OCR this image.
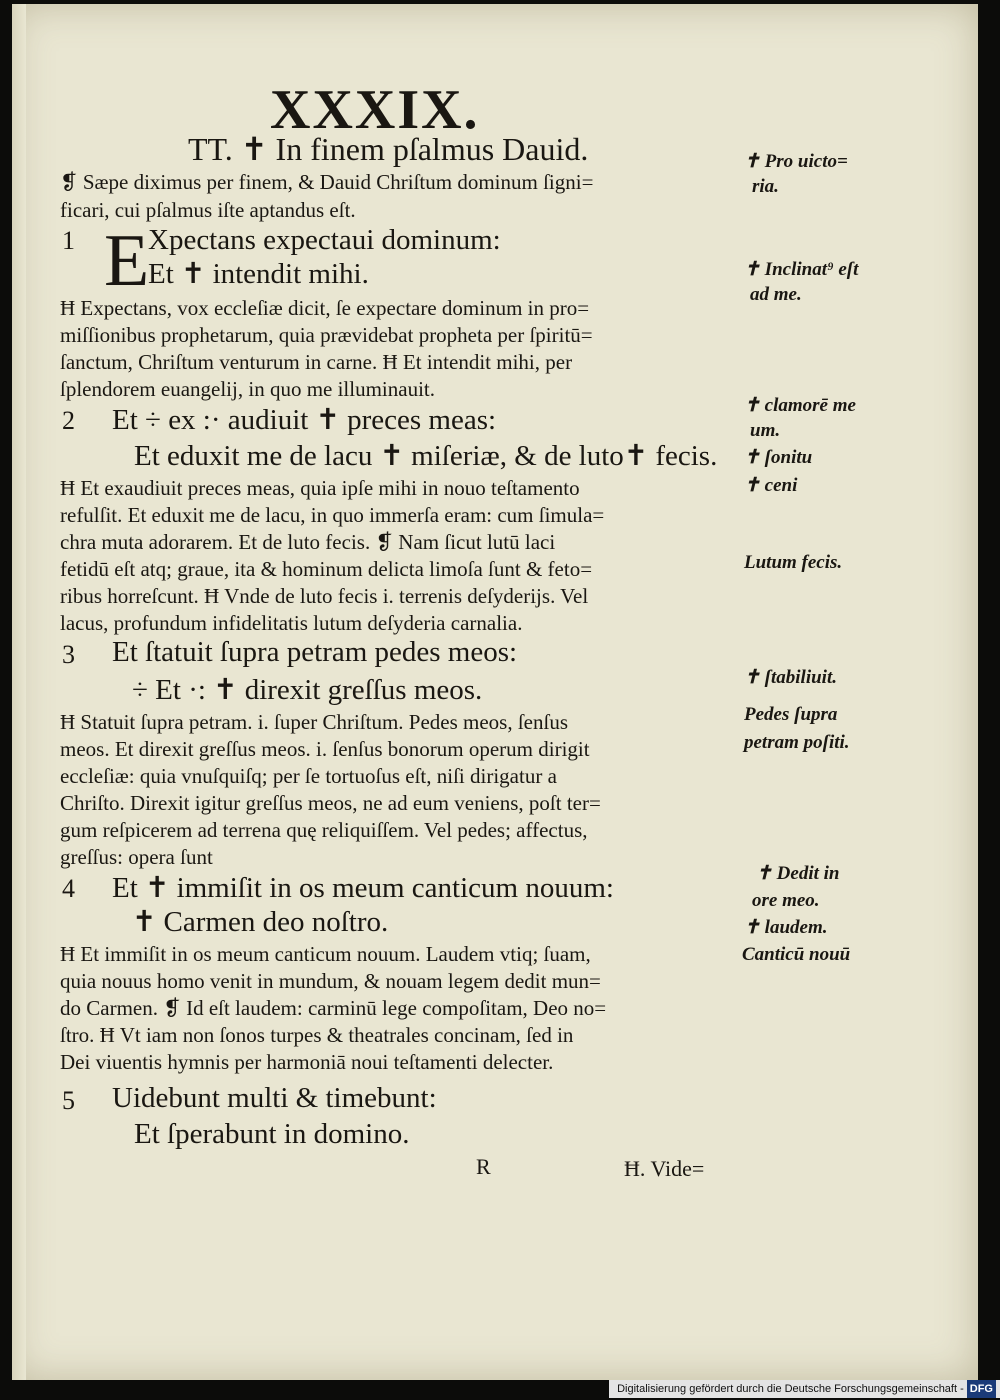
XXXIX.
TT. ✝ In finem pſalmus Dauid.
❡ Sæpe diximus per finem, & Dauid Chriſtum dominum ſigni=
ficari, cui pſalmus iſte aptandus eſt.
1 E
Xpectans expectaui dominum:
Et ✝ intendit mihi.
Ħ Expectans, vox eccleſiæ dicit, ſe expectare dominum in pro=
miſſionibus prophetarum, quia prævidebat propheta per ſpiritū=
ſanctum, Chriſtum venturum in carne. Ħ Et intendit mihi, per
ſplendorem euangelij, in quo me illuminauit.
2 Et ÷ ex :· audiuit ✝ preces meas:
Et eduxit me de lacu ✝ miſeriæ, & de luto✝ fecis.
Ħ Et exaudiuit preces meas, quia ipſe mihi in nouo teſtamento
refulſit. Et eduxit me de lacu, in quo immerſa eram: cum ſimula=
chra muta adorarem. Et de luto fecis. ❡ Nam ſicut lutū laci
fetidū eſt atq; graue, ita & hominum delicta limoſa ſunt & feto=
ribus horreſcunt. Ħ Vnde de luto fecis i. terrenis deſyderijs. Vel
lacus, profundum infidelitatis lutum deſyderia carnalia.
3 Et ſtatuit ſupra petram pedes meos:
÷ Et ·: ✝ direxit greſſus meos.
Ħ Statuit ſupra petram. i. ſuper Chriſtum. Pedes meos, ſenſus
meos. Et direxit greſſus meos. i. ſenſus bonorum operum dirigit
eccleſiæ: quia vnuſquiſq; per ſe tortuoſus eſt, niſi dirigatur a
Chriſto. Direxit igitur greſſus meos, ne ad eum veniens, poſt ter=
gum reſpicerem ad terrena quę reliquiſſem. Vel pedes; affectus,
greſſus: opera ſunt
4 Et ✝ immiſit in os meum canticum nouum:
✝ Carmen deo noſtro.
Ħ Et immiſit in os meum canticum nouum. Laudem vtiq; ſuam,
quia nouus homo venit in mundum, & nouam legem dedit mun=
do Carmen. ❡ Id eſt laudem: carminū lege compoſitam, Deo no=
ſtro. Ħ Vt iam non ſonos turpes & theatrales concinam, ſed in
Dei viuentis hymnis per harmoniā noui teſtamenti delecter.
5 Uidebunt multi & timebunt:
Et ſperabunt in domino.
R	Ħ. Vide=
✝ Pro uicto=
ria.
✝ Inclinat⁹ eſt
ad me.
✝ clamorē me
um.
✝ ſonitu
✝ ceni
Lutum fecis.
✝ ſtabiliuit.
Pedes ſupra
petram poſiti.
✝ Dedit in
ore meo.
✝ laudem.
Canticū nouū
Digitalisierung gefördert durch die Deutsche Forschungsgemeinschaft - DFG
